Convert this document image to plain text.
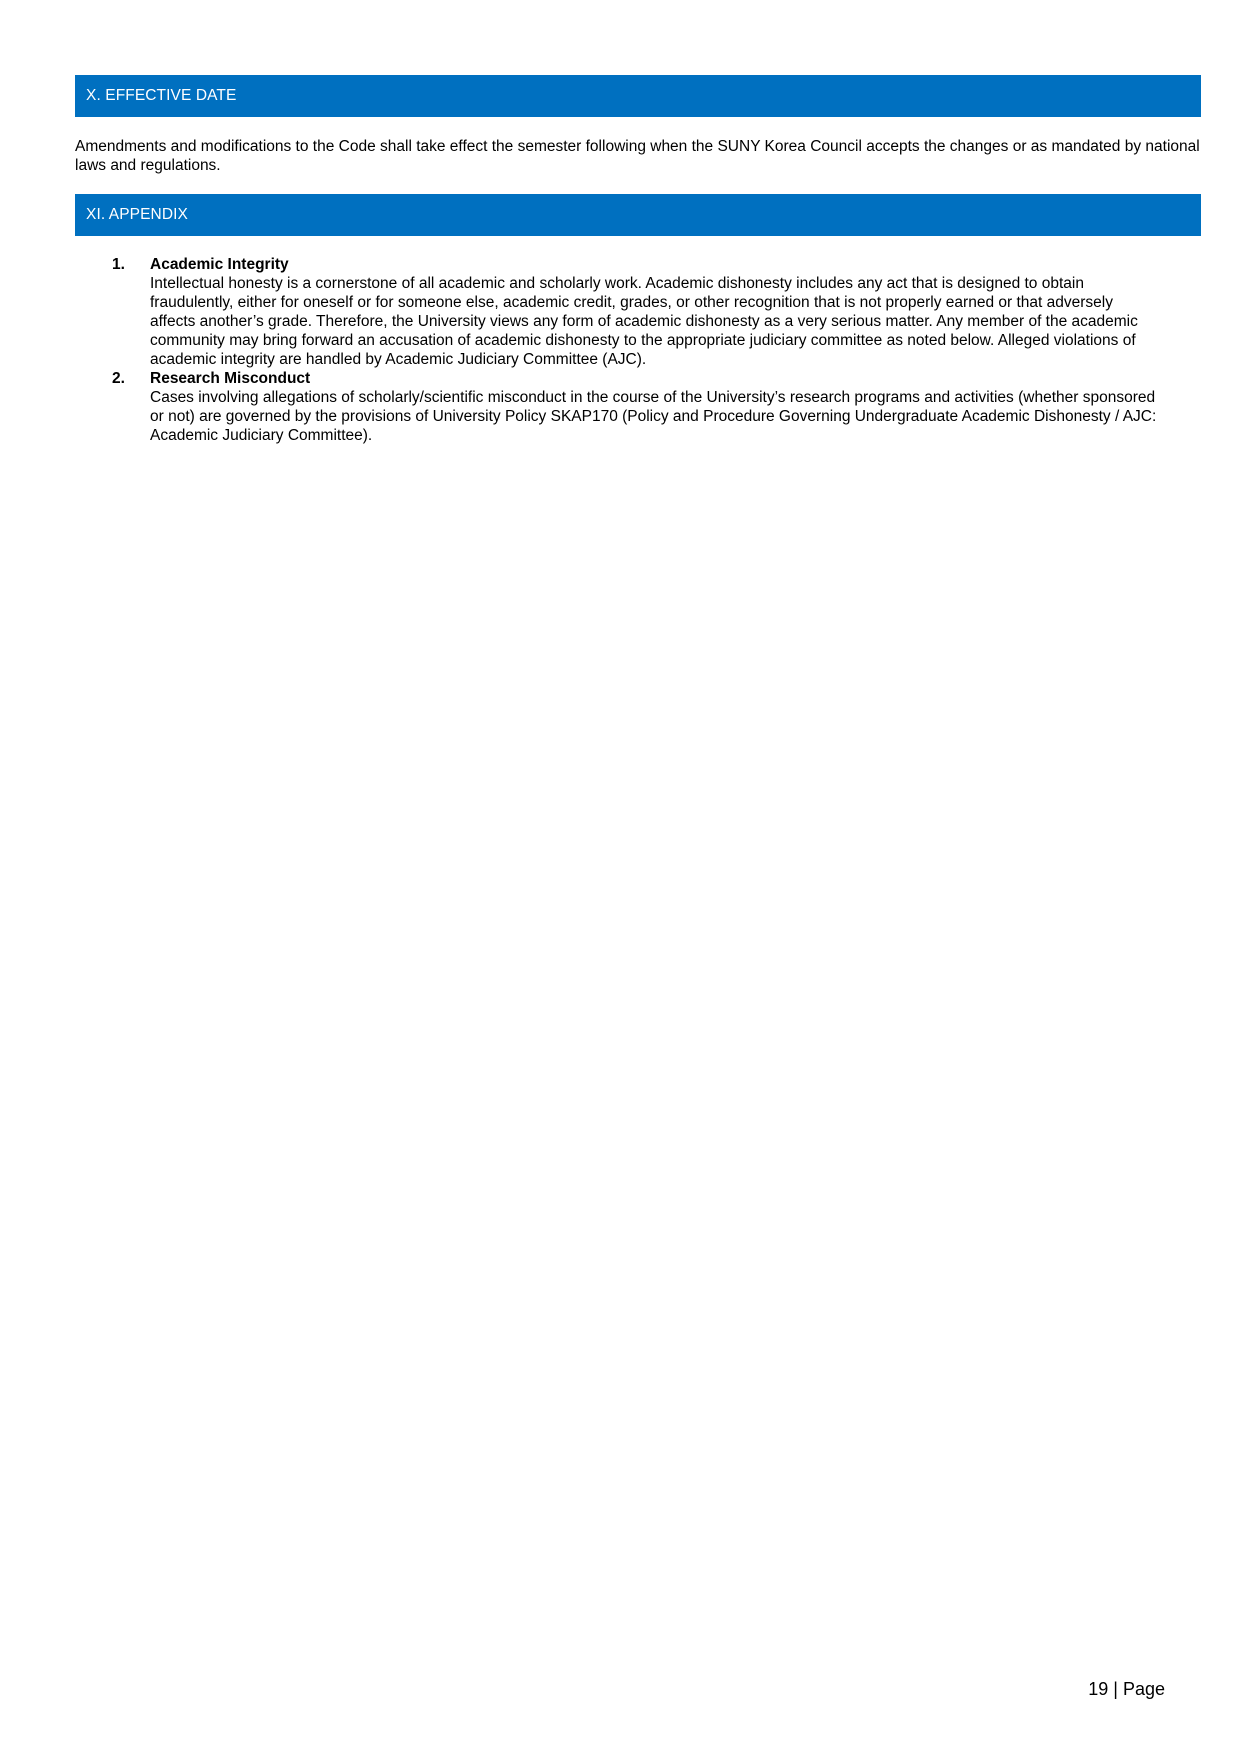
X. EFFECTIVE DATE
Amendments and modifications to the Code shall take effect the semester following when the SUNY Korea Council accepts the changes or as mandated by national laws and regulations.
XI. APPENDIX
1. Academic Integrity
Intellectual honesty is a cornerstone of all academic and scholarly work. Academic dishonesty includes any act that is designed to obtain fraudulently, either for oneself or for someone else, academic credit, grades, or other recognition that is not properly earned or that adversely affects another’s grade. Therefore, the University views any form of academic dishonesty as a very serious matter. Any member of the academic community may bring forward an accusation of academic dishonesty to the appropriate judiciary committee as noted below. Alleged violations of academic integrity are handled by Academic Judiciary Committee (AJC).
2. Research Misconduct
Cases involving allegations of scholarly/scientific misconduct in the course of the University’s research programs and activities (whether sponsored or not) are governed by the provisions of University Policy SKAP170 (Policy and Procedure Governing Undergraduate Academic Dishonesty / AJC: Academic Judiciary Committee).
19 | Page
